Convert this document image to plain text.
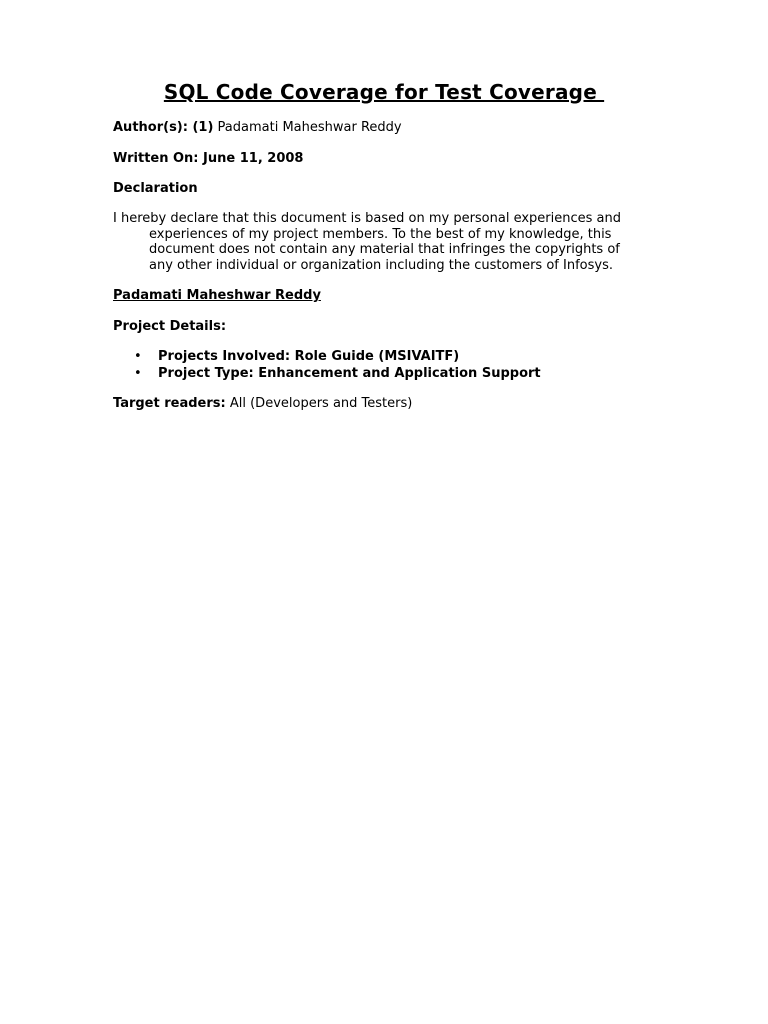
SQL Code Coverage for Test Coverage
Author(s): (1) Padamati Maheshwar Reddy
Written On: June 11, 2008
Declaration
I hereby declare that this document is based on my personal experiences and experiences of my project members. To the best of my knowledge, this document does not contain any material that infringes the copyrights of any other individual or organization including the customers of Infosys.
Padamati Maheshwar Reddy
Project Details:
• Projects Involved: Role Guide (MSIVAITF)
• Project Type: Enhancement and Application Support
Target readers: All (Developers and Testers)
